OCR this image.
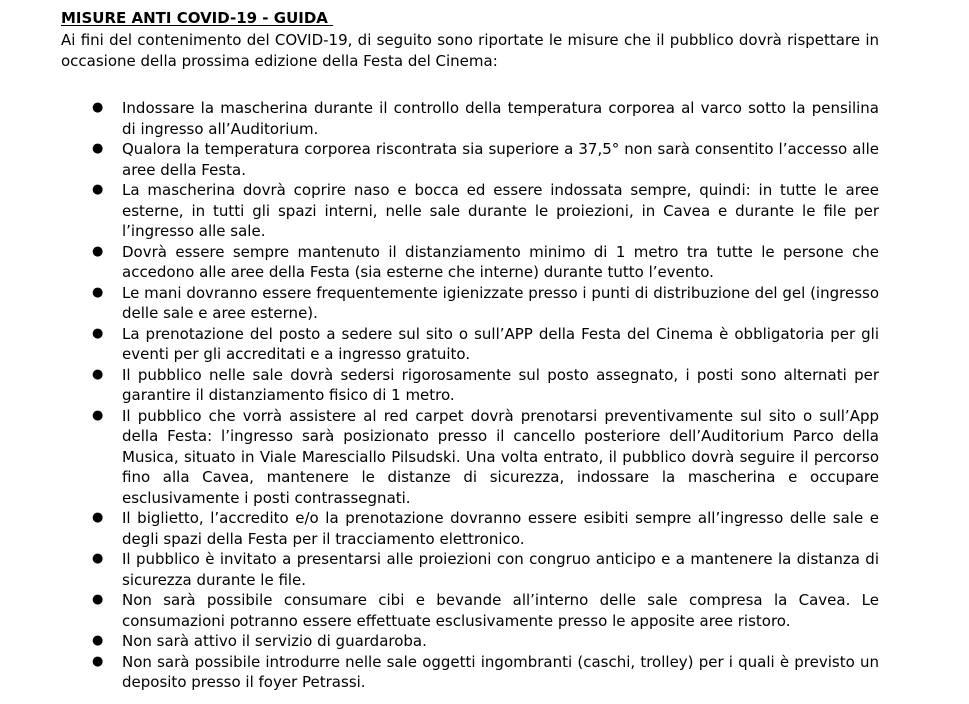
MISURE ANTI COVID-19 - GUIDA

Ai fini del contenimento del COVID-19, di seguito sono riportate le misure che il pubblico dovrà rispettare in occasione della prossima edizione della Festa del Cinema:

● Indossare la mascherina durante il controllo della temperatura corporea al varco sotto la pensilina di ingresso all’Auditorium.
● Qualora la temperatura corporea riscontrata sia superiore a 37,5° non sarà consentito l’accesso alle aree della Festa.
● La mascherina dovrà coprire naso e bocca ed essere indossata sempre, quindi: in tutte le aree esterne, in tutti gli spazi interni, nelle sale durante le proiezioni, in Cavea e durante le file per l’ingresso alle sale.
● Dovrà essere sempre mantenuto il distanziamento minimo di 1 metro tra tutte le persone che accedono alle aree della Festa (sia esterne che interne) durante tutto l’evento.
● Le mani dovranno essere frequentemente igienizzate presso i punti di distribuzione del gel (ingresso delle sale e aree esterne).
● La prenotazione del posto a sedere sul sito o sull’APP della Festa del Cinema è obbligatoria per gli eventi per gli accreditati e a ingresso gratuito.
● Il pubblico nelle sale dovrà sedersi rigorosamente sul posto assegnato, i posti sono alternati per garantire il distanziamento fisico di 1 metro.
● Il pubblico che vorrà assistere al red carpet dovrà prenotarsi preventivamente sul sito o sull’App della Festa: l’ingresso sarà posizionato presso il cancello posteriore dell’Auditorium Parco della Musica, situato in Viale Maresciallo Pilsudski. Una volta entrato, il pubblico dovrà seguire il percorso fino alla Cavea, mantenere le distanze di sicurezza, indossare la mascherina e occupare esclusivamente i posti contrassegnati.
● Il biglietto, l’accredito e/o la prenotazione dovranno essere esibiti sempre all’ingresso delle sale e degli spazi della Festa per il tracciamento elettronico.
● Il pubblico è invitato a presentarsi alle proiezioni con congruo anticipo e a mantenere la distanza di sicurezza durante le file.
● Non sarà possibile consumare cibi e bevande all’interno delle sale compresa la Cavea. Le consumazioni potranno essere effettuate esclusivamente presso le apposite aree ristoro.
● Non sarà attivo il servizio di guardaroba.
● Non sarà possibile introdurre nelle sale oggetti ingombranti (caschi, trolley) per i quali è previsto un deposito presso il foyer Petrassi.
